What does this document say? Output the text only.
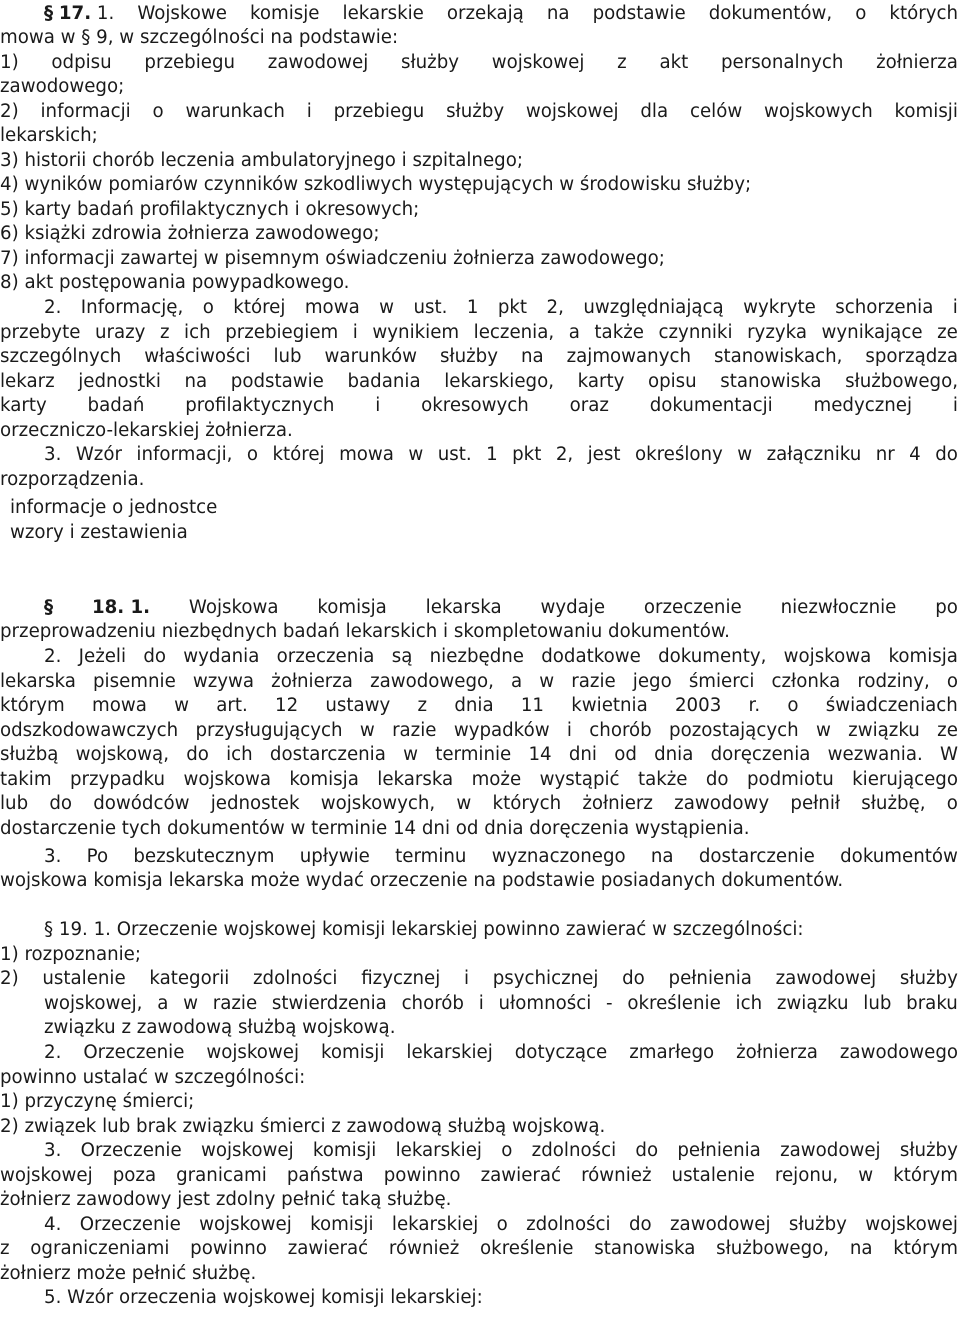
§ 17. 1. Wojskowe komisje lekarskie orzekają na podstawie dokumentów, o których
mowa w § 9, w szczególności na podstawie:
1) odpisu przebiegu zawodowej służby wojskowej z akt personalnych żołnierza
zawodowego;
2) informacji o warunkach i przebiegu służby wojskowej dla celów wojskowych komisji
lekarskich;
3) historii chorób leczenia ambulatoryjnego i szpitalnego;
4) wyników pomiarów czynników szkodliwych występujących w środowisku służby;
5) karty badań profilaktycznych i okresowych;
6) książki zdrowia żołnierza zawodowego;
7) informacji zawartej w pisemnym oświadczeniu żołnierza zawodowego;
8) akt postępowania powypadkowego.
2. Informację, o której mowa w ust. 1 pkt 2, uwzględniającą wykryte schorzenia i
przebyte urazy z ich przebiegiem i wynikiem leczenia, a także czynniki ryzyka wynikające ze
szczególnych właściwości lub warunków służby na zajmowanych stanowiskach, sporządza
lekarz jednostki na podstawie badania lekarskiego, karty opisu stanowiska służbowego,
karty badań profilaktycznych i okresowych oraz dokumentacji medycznej i
orzeczniczo-lekarskiej żołnierza.
3. Wzór informacji, o której mowa w ust. 1 pkt 2, jest określony w załączniku nr 4 do
rozporządzenia.
informacje o jednostce
wzory i zestawienia
§ 18. 1. Wojskowa komisja lekarska wydaje orzeczenie niezwłocznie po
przeprowadzeniu niezbędnych badań lekarskich i skompletowaniu dokumentów.
2. Jeżeli do wydania orzeczenia są niezbędne dodatkowe dokumenty, wojskowa komisja
lekarska pisemnie wzywa żołnierza zawodowego, a w razie jego śmierci członka rodziny, o
którym mowa w art. 12 ustawy z dnia 11 kwietnia 2003 r. o świadczeniach
odszkodowawczych przysługujących w razie wypadków i chorób pozostających w związku ze
służbą wojskową, do ich dostarczenia w terminie 14 dni od dnia doręczenia wezwania. W
takim przypadku wojskowa komisja lekarska może wystąpić także do podmiotu kierującego
lub do dowódców jednostek wojskowych, w których żołnierz zawodowy pełnił służbę, o
dostarczenie tych dokumentów w terminie 14 dni od dnia doręczenia wystąpienia.
3. Po bezskutecznym upływie terminu wyznaczonego na dostarczenie dokumentów
wojskowa komisja lekarska może wydać orzeczenie na podstawie posiadanych dokumentów.
§ 19. 1. Orzeczenie wojskowej komisji lekarskiej powinno zawierać w szczególności:
1) rozpoznanie;
2) ustalenie kategorii zdolności fizycznej i psychicznej do pełnienia zawodowej służby
wojskowej, a w razie stwierdzenia chorób i ułomności - określenie ich związku lub braku
związku z zawodową służbą wojskową.
2. Orzeczenie wojskowej komisji lekarskiej dotyczące zmarłego żołnierza zawodowego
powinno ustalać w szczególności:
1) przyczynę śmierci;
2) związek lub brak związku śmierci z zawodową służbą wojskową.
3. Orzeczenie wojskowej komisji lekarskiej o zdolności do pełnienia zawodowej służby
wojskowej poza granicami państwa powinno zawierać również ustalenie rejonu, w którym
żołnierz zawodowy jest zdolny pełnić taką służbę.
4. Orzeczenie wojskowej komisji lekarskiej o zdolności do zawodowej służby wojskowej
z ograniczeniami powinno zawierać również określenie stanowiska służbowego, na którym
żołnierz może pełnić służbę.
5. Wzór orzeczenia wojskowej komisji lekarskiej:
